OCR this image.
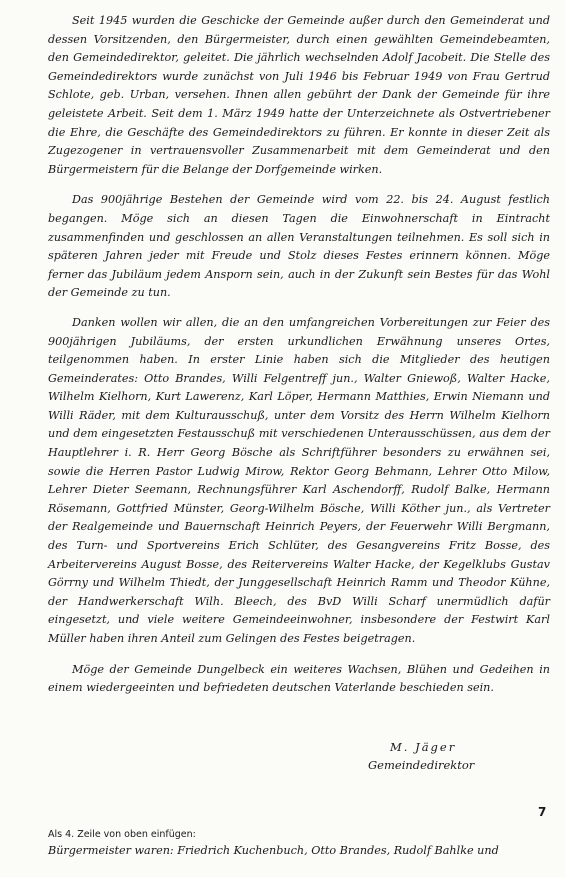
Seit 1945 wurden die Geschicke der Gemeinde außer durch den Gemeinderat und dessen Vorsitzenden, den Bürgermeister, durch einen gewählten Gemeindebeamten, den Gemeindedirektor, geleitet. Die jährlich wechselnden Adolf Jacobeit. Die Stelle des Gemeindedirektors wurde zunächst von Juli 1946 bis Februar 1949 von Frau Gertrud Schlote, geb. Urban, versehen. Ihnen allen gebührt der Dank der Gemeinde für ihre geleistete Arbeit. Seit dem 1. März 1949 hatte der Unterzeichnete als Ostvertriebener die Ehre, die Geschäfte des Gemeindedirektors zu führen. Er konnte in dieser Zeit als Zugezogener in vertrauensvoller Zusammenarbeit mit dem Gemeinderat und den Bürgermeistern für die Belange der Dorfgemeinde wirken.

Das 900jährige Bestehen der Gemeinde wird vom 22. bis 24. August festlich begangen. Möge sich an diesen Tagen die Einwohnerschaft in Eintracht zusammenfinden und geschlossen an allen Veranstaltungen teilnehmen. Es soll sich in späteren Jahren jeder mit Freude und Stolz dieses Festes erinnern können. Möge ferner das Jubiläum jedem Ansporn sein, auch in der Zukunft sein Bestes für das Wohl der Gemeinde zu tun.

Danken wollen wir allen, die an den umfangreichen Vorbereitungen zur Feier des 900jährigen Jubiläums, der ersten urkundlichen Erwähnung unseres Ortes, teilgenommen haben. In erster Linie haben sich die Mitglieder des heutigen Gemeinderates: Otto Brandes, Willi Felgentreff jun., Walter Gniewoß, Walter Hacke, Wilhelm Kielhorn, Kurt Lawerenz, Karl Löper, Hermann Matthies, Erwin Niemann und Willi Räder, mit dem Kulturausschuß, unter dem Vorsitz des Herrn Wilhelm Kielhorn und dem eingesetzten Festausschuß mit verschiedenen Unterausschüssen, aus dem der Hauptlehrer i. R. Herr Georg Bösche als Schriftführer besonders zu erwähnen sei, sowie die Herren Pastor Ludwig Mirow, Rektor Georg Behmann, Lehrer Otto Milow, Lehrer Dieter Seemann, Rechnungsführer Karl Aschendorff, Rudolf Balke, Hermann Rösemann, Gottfried Münster, Georg-Wilhelm Bösche, Willi Köther jun., als Vertreter der Realgemeinde und Bauernschaft Heinrich Peyers, der Feuerwehr Willi Bergmann, des Turn- und Sportvereins Erich Schlüter, des Gesangvereins Fritz Bosse, des Arbeitervereins August Bosse, des Reitervereins Walter Hacke, der Kegelklubs Gustav Görrny und Wilhelm Thiedt, der Junggesellschaft Heinrich Ramm und Theodor Kühne, der Handwerkerschaft Wilh. Bleech, des BvD Willi Scharf unermüdlich dafür eingesetzt, und viele weitere Gemeindeeinwohner, insbesondere der Festwirt Karl Müller haben ihren Anteil zum Gelingen des Festes beigetragen.

Möge der Gemeinde Dungelbeck ein weiteres Wachsen, Blühen und Gedeihen in einem wiedergeeinten und befriedeten deutschen Vaterlande beschieden sein.

M. Jäger
Gemeindedirektor
7
Als 4. Zeile von oben einfügen:
Bürgermeister waren: Friedrich Kuchenbuch, Otto Brandes, Rudolf Bahlke und
